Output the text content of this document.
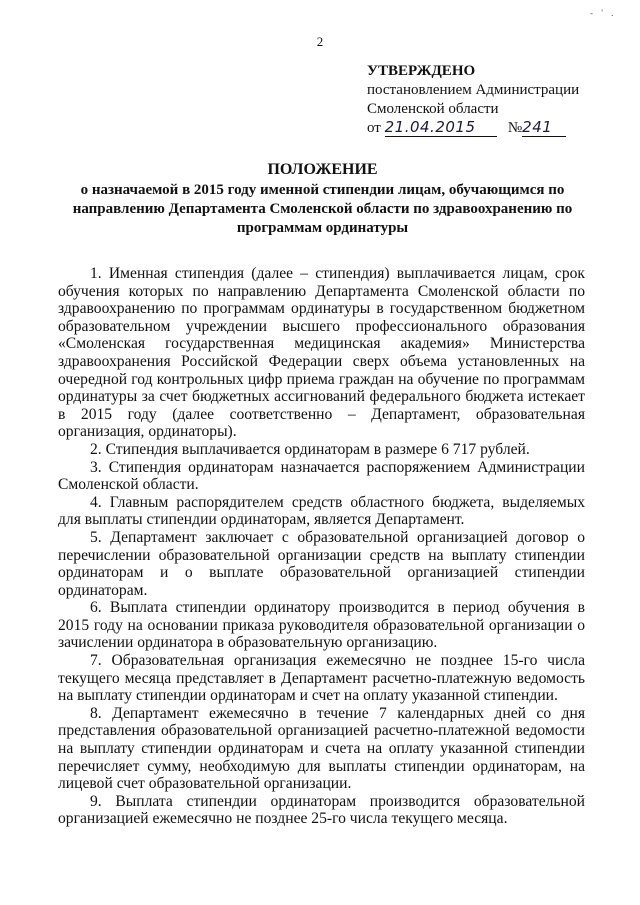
2
- ' .
УТВЕРЖДЕНО
постановлением Администрации
Смоленской области
от 21.04.2015 №241
ПОЛОЖЕНИЕ
о назначаемой в 2015 году именной стипендии лицам, обучающимся по направлению Департамента Смоленской области по здравоохранению по программам ординатуры

1. Именная стипендия (далее – стипендия) выплачивается лицам, срок обучения которых по направлению Департамента Смоленской области по здравоохранению по программам ординатуры в государственном бюджетном образовательном учреждении высшего профессионального образования «Смоленская государственная медицинская академия» Министерства здравоохранения Российской Федерации сверх объема установленных на очередной год контрольных цифр приема граждан на обучение по программам ординатуры за счет бюджетных ассигнований федерального бюджета истекает в 2015 году (далее соответственно – Департамент, образовательная организация, ординаторы).

2. Стипендия выплачивается ординаторам в размере 6 717 рублей.

3. Стипендия ординаторам назначается распоряжением Администрации Смоленской области.

4. Главным распорядителем средств областного бюджета, выделяемых для выплаты стипендии ординаторам, является Департамент.

5. Департамент заключает с образовательной организацией договор о перечислении образовательной организации средств на выплату стипендии ординаторам и о выплате образовательной организацией стипендии ординаторам.

6. Выплата стипендии ординатору производится в период обучения в 2015 году на основании приказа руководителя образовательной организации о зачислении ординатора в образовательную организацию.

7. Образовательная организация ежемесячно не позднее 15-го числа текущего месяца представляет в Департамент расчетно-платежную ведомость на выплату стипендии ординаторам и счет на оплату указанной стипендии.

8. Департамент ежемесячно в течение 7 календарных дней со дня представления образовательной организацией расчетно-платежной ведомости на выплату стипендии ординаторам и счета на оплату указанной стипендии перечисляет сумму, необходимую для выплаты стипендии ординаторам, на лицевой счет образовательной организации.

9. Выплата стипендии ординаторам производится образовательной организацией ежемесячно не позднее 25-го числа текущего месяца.
